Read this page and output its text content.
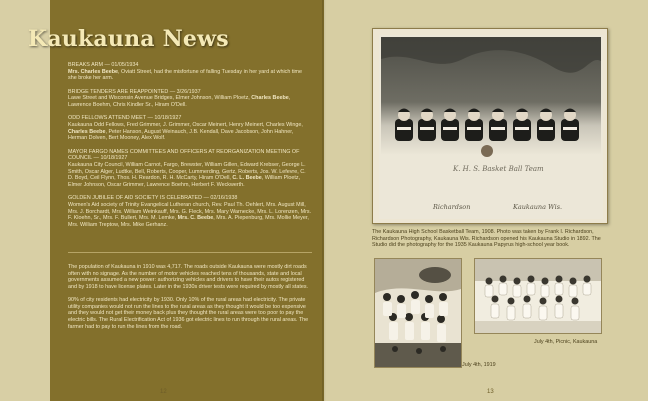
Kaukauna News
BREAKS ARM — 01/05/1934
Mrs. Charles Beebe, Oviatt Street, had the misfortune of falling Tuesday in her yard at which time she broke her arm.
BRIDGE TENDERS ARE REAPPOINTED — 3/26/1937
Lawe Street and Wisconsin Avenue Bridges, Elmer Johnson, William Ploetz, Charles Beebe, Lawrence Boehm, Chris Kindler Sr., Hiram O'Dell.
ODD FELLOWS ATTEND MEET — 10/18/1927
Kaukauna Odd Fellows, Fred Grimmer, J. Grimmer, Oscar Meinert, Henry Meinert, Charles Winge, Charles Beebe, Peter Hanson, August Weinauch, J.B. Kendall, Dave Jacobson, John Hahner, Herman Dolven, Bert Mooney, Alex Wolf.
MAYOR FARGO NAMES COMMITTEES AND OFFICERS AT REORGANIZATION MEETING OF COUNCIL — 10/18/1927
Kaukauna City Council, William Carnot, Fargo, Brewster, William Gillen, Edward Krebser, George L. Smith, Oscar Alger, Ludtke, Bell, Roberts, Cooper, Lummerding, Gertz, Roberts, Jos. W. Lefevre, C. D. Boyd, Ceil Flynn, Thos. H. Reardon, R. H. McCarty, Hiram O'Dell, C. L. Beebe, William Ploetz, Elmer Johnson, Oscar Grimmer, Lawrence Boehm, Herbert F. Weckwerth.
GOLDEN JUBILEE OF AID SOCIETY IS CELEBRATED — 02/16/1938
Women's Aid society of Trinity Evangelical Lutheran church, Rev. Paul Th. Oehlert, Mrs. August Mill, Mrs. J. Borchardt, Mrs. William Weinkauff, Mrs. G. Fleck, Mrs. Mary Warnecke, Mrs. L. Lorenzen, Mrs. F. Kloehn, Sr., Mrs. F. Bullert, Mrs. M. Lemke, Mrs. C. Beebe, Mrs. A. Piepenburg, Mrs. Mollie Meyer, Mrs. William Treptow, Mrs. Mike Gerhanz.

The population of Kaukauna in 1910 was 4,717. The roads outside Kaukauna were mostly dirt roads often with no signage. As the number of motor vehicles reached tens of thousands, state and local governments assumed a new power: authorizing vehicles and drivers to have their autos registered and by 1918 to have license plates. Later in the 1930s driver tests were required by mostly all states.

90% of city residents had electricity by 1930. Only 10% of the rural areas had electricity. The private utility companies would not run the lines to the rural areas as they thought it would be too expensive and they would not get their money back plus they thought the rural areas were too poor to pay the electric bills. The Rural Electrification Act of 1936 got electric lines to run through the rural areas. The farmer had to pay to run the lines from the road.

12	13
K. H. S. Basket Ball Team
Richardson	Kaukauna Wis.

The Kaukauna High School Basketball Team, 1908. Photo was taken by Frank I. Richardson, Richardson Photography, Kaukauna Wis. Richardson opened his Kaukauna Studio in 1892. The Studio did the photography for the 1935 Kaukauna Papyrus high-school year book.

July 4th, 1919
July 4th, Picnic, Kaukauna
